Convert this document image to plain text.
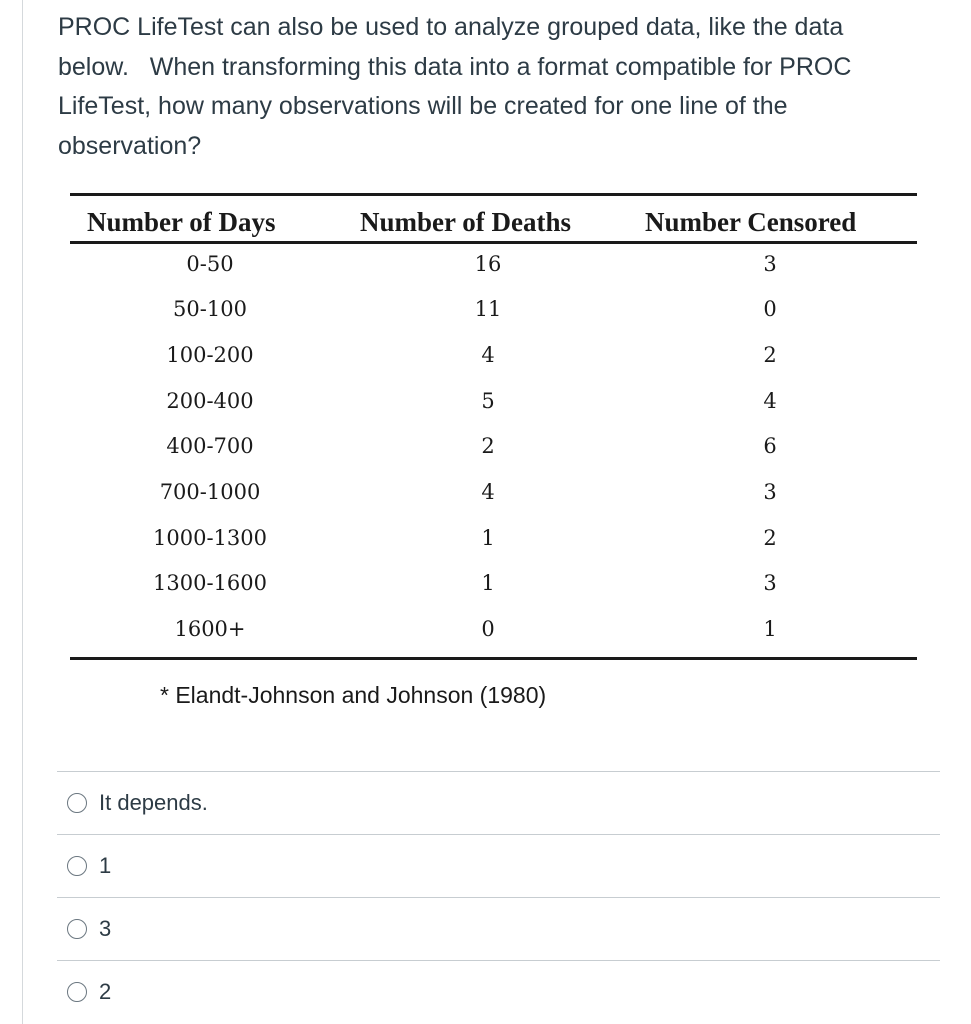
PROC LifeTest can also be used to analyze grouped data, like the data
below.   When transforming this data into a format compatible for PROC
LifeTest, how many observations will be created for one line of the
observation?
Number of Days	Number of Deaths	Number Censored
0-50	16	3
50-100	11	0
100-200	4	2
200-400	5	4
400-700	2	6
700-1000	4	3
1000-1300	1	2
1300-1600	1	3
1600+	0	1
* Elandt-Johnson and Johnson (1980)
It depends.
1
3
2
